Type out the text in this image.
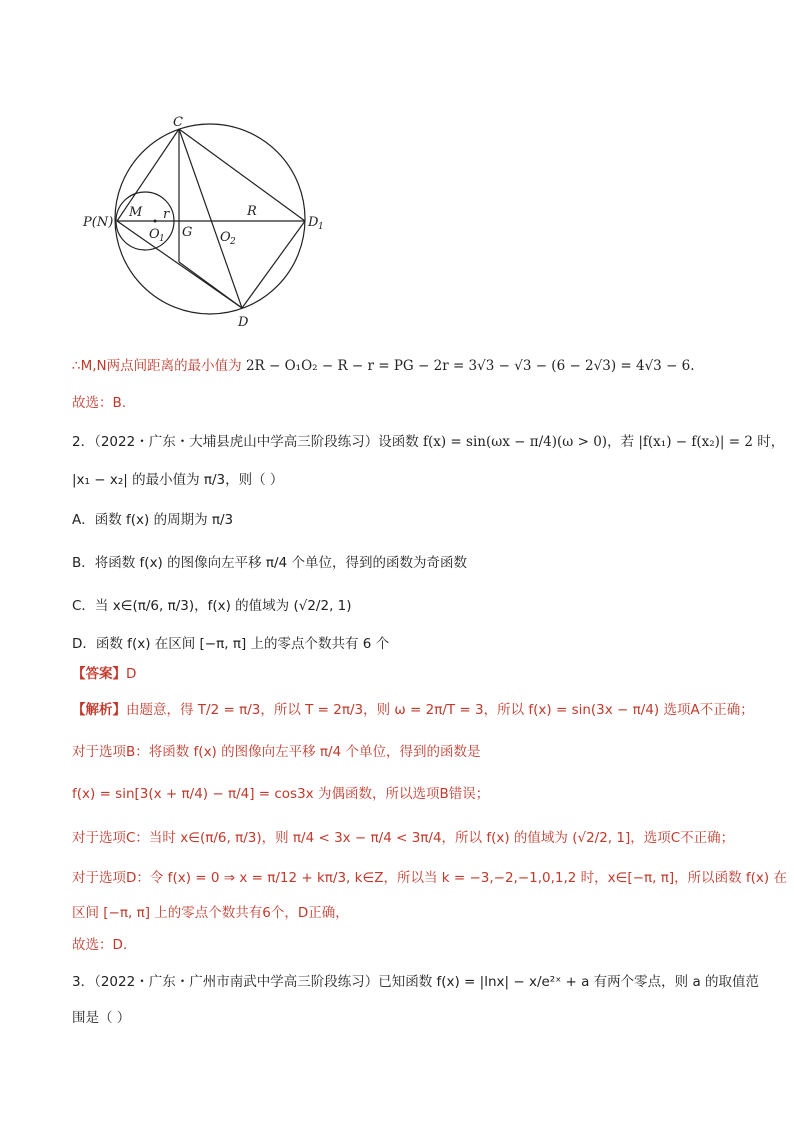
C
P(N)
M r
O 1 G O 2
R
D 1
D
∴M,N两点间距离的最小值为 2R − O₁O₂ − R − r = PG − 2r = 3√3 − √3 − (6 − 2√3) = 4√3 − 6.
故选：B.
2．（2022・广东・大埔县虎山中学高三阶段练习）设函数 f(x) = sin(ωx − π/4)(ω > 0)，若 |f(x₁) − f(x₂)| = 2 时，
|x₁ − x₂| 的最小值为 π/3，则（ ）
A．函数 f(x) 的周期为 π/3
B．将函数 f(x) 的图像向左平移 π/4 个单位，得到的函数为奇函数
C．当 x∈(π/6, π/3)，f(x) 的值域为 (√2/2, 1)
D．函数 f(x) 在区间 [−π, π] 上的零点个数共有 6 个
【答案】D
【解析】由题意，得 T/2 = π/3，所以 T = 2π/3，则 ω = 2π/T = 3，所以 f(x) = sin(3x − π/4) 选项A不正确；
对于选项B：将函数 f(x) 的图像向左平移 π/4 个单位，得到的函数是
f(x) = sin[3(x + π/4) − π/4] = cos3x 为偶函数，所以选项B错误；
对于选项C：当时 x∈(π/6, π/3)，则 π/4 < 3x − π/4 < 3π/4，所以 f(x) 的值域为 (√2/2, 1]，选项C不正确；
对于选项D：令 f(x) = 0 ⇒ x = π/12 + kπ/3, k∈Z，所以当 k = −3,−2,−1,0,1,2 时，x∈[−π, π]，所以函数 f(x) 在
区间 [−π, π] 上的零点个数共有6个，D正确，
故选：D.
3．（2022・广东・广州市南武中学高三阶段练习）已知函数 f(x) = |lnx| − x/e²ˣ + a 有两个零点，则 a 的取值范
围是（ ）
